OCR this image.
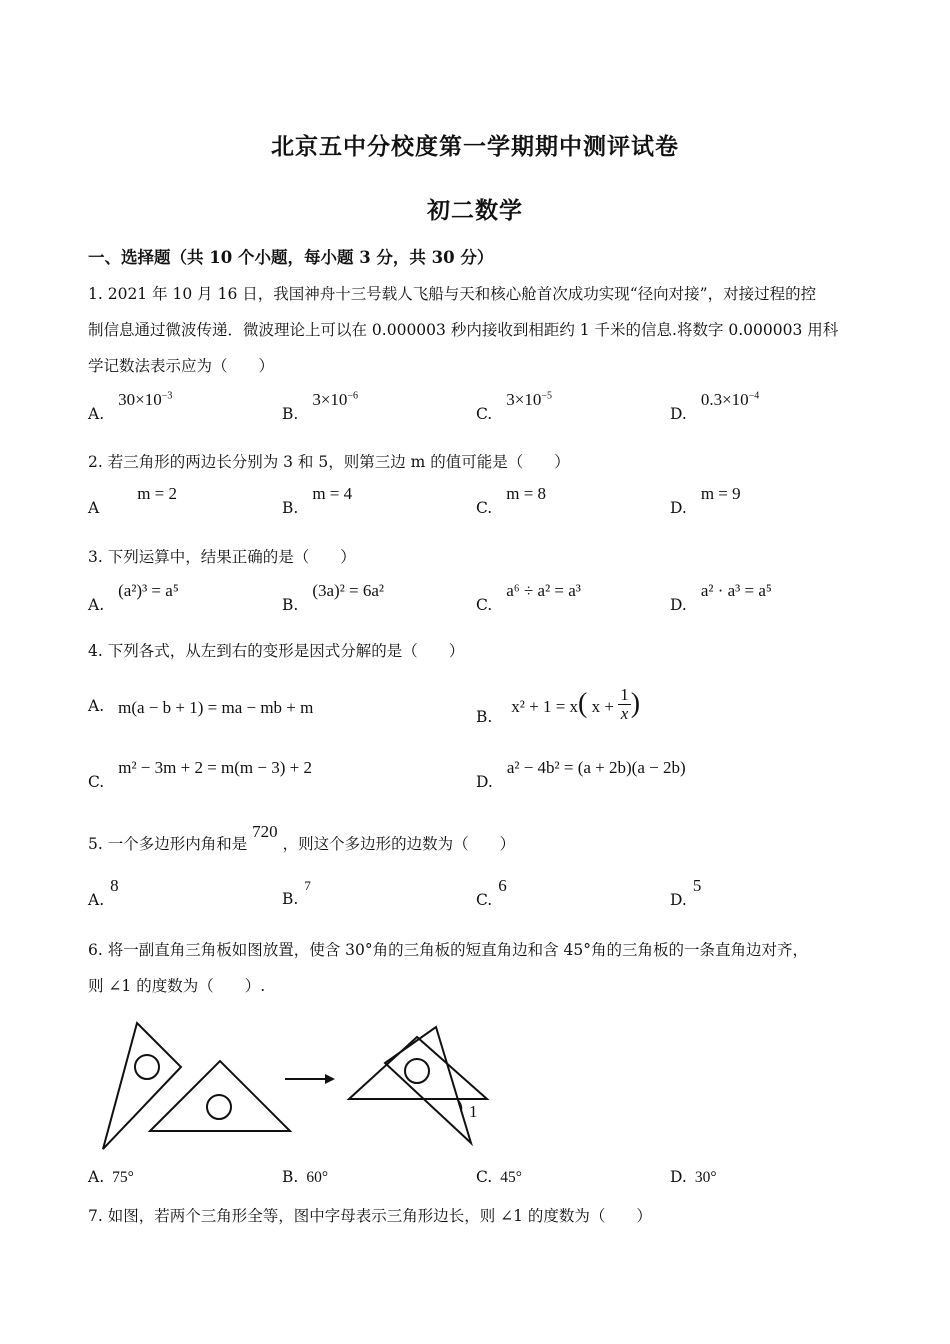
北京五中分校度第一学期期中测评试卷
初二数学
一、选择题（共 10 个小题，每小题 3 分，共 30 分）
1. 2021 年 10 月 16 日，我国神舟十三号载人飞船与天和核心舱首次成功实现“径向对接”，对接过程的控
制信息通过微波传递．微波理论上可以在 0.000003 秒内接收到相距约 1 千米的信息.将数字 0.000003 用科
学记数法表示应为（　　）
$A.30\times 10^{-3}$
$B.3\times 10^{-6}$
$C.3\times 10^{-5}$
$D.0.3\times 10^{-4}$
2. 若三角形的两边长分别为 3 和 5，则第三边 m 的值可能是（　　）
Am = 2
B.m = 4
C.m = 8
D.m = 9
3. 下列运算中，结果正确的是（　　）
A.(a²)³ = a⁵
B.(3a)² = 6a²
C.a⁶ ÷ a² = a³
D.a² · a³ = a⁵
4. 下列各式，从左到右的变形是因式分解的是（　　）
A. m(a − b + 1) = ma − mb + m	B. x² + 1 = x( $x + \frac{1}{x}$ )
C.m² − 3m + 2 = m(m − 3) + 2
D.a² − 4b² = (a + 2b)(a − 2b)
5. 一个多边形内角和是 720 ，则这个多边形的边数为（　　）
A.8
B.$^7$
C.6
D.5
6. 将一副直角三角板如图放置，使含 30°角的三角板的短直角边和含 45°角的三角板的一条直角边对齐，
则 ∠1 的度数为（　　）.
1
A. 75°	B. 60°	C. 45°	D. 30°
7. 如图，若两个三角形全等，图中字母表示三角形边长，则 ∠1 的度数为（　　）
